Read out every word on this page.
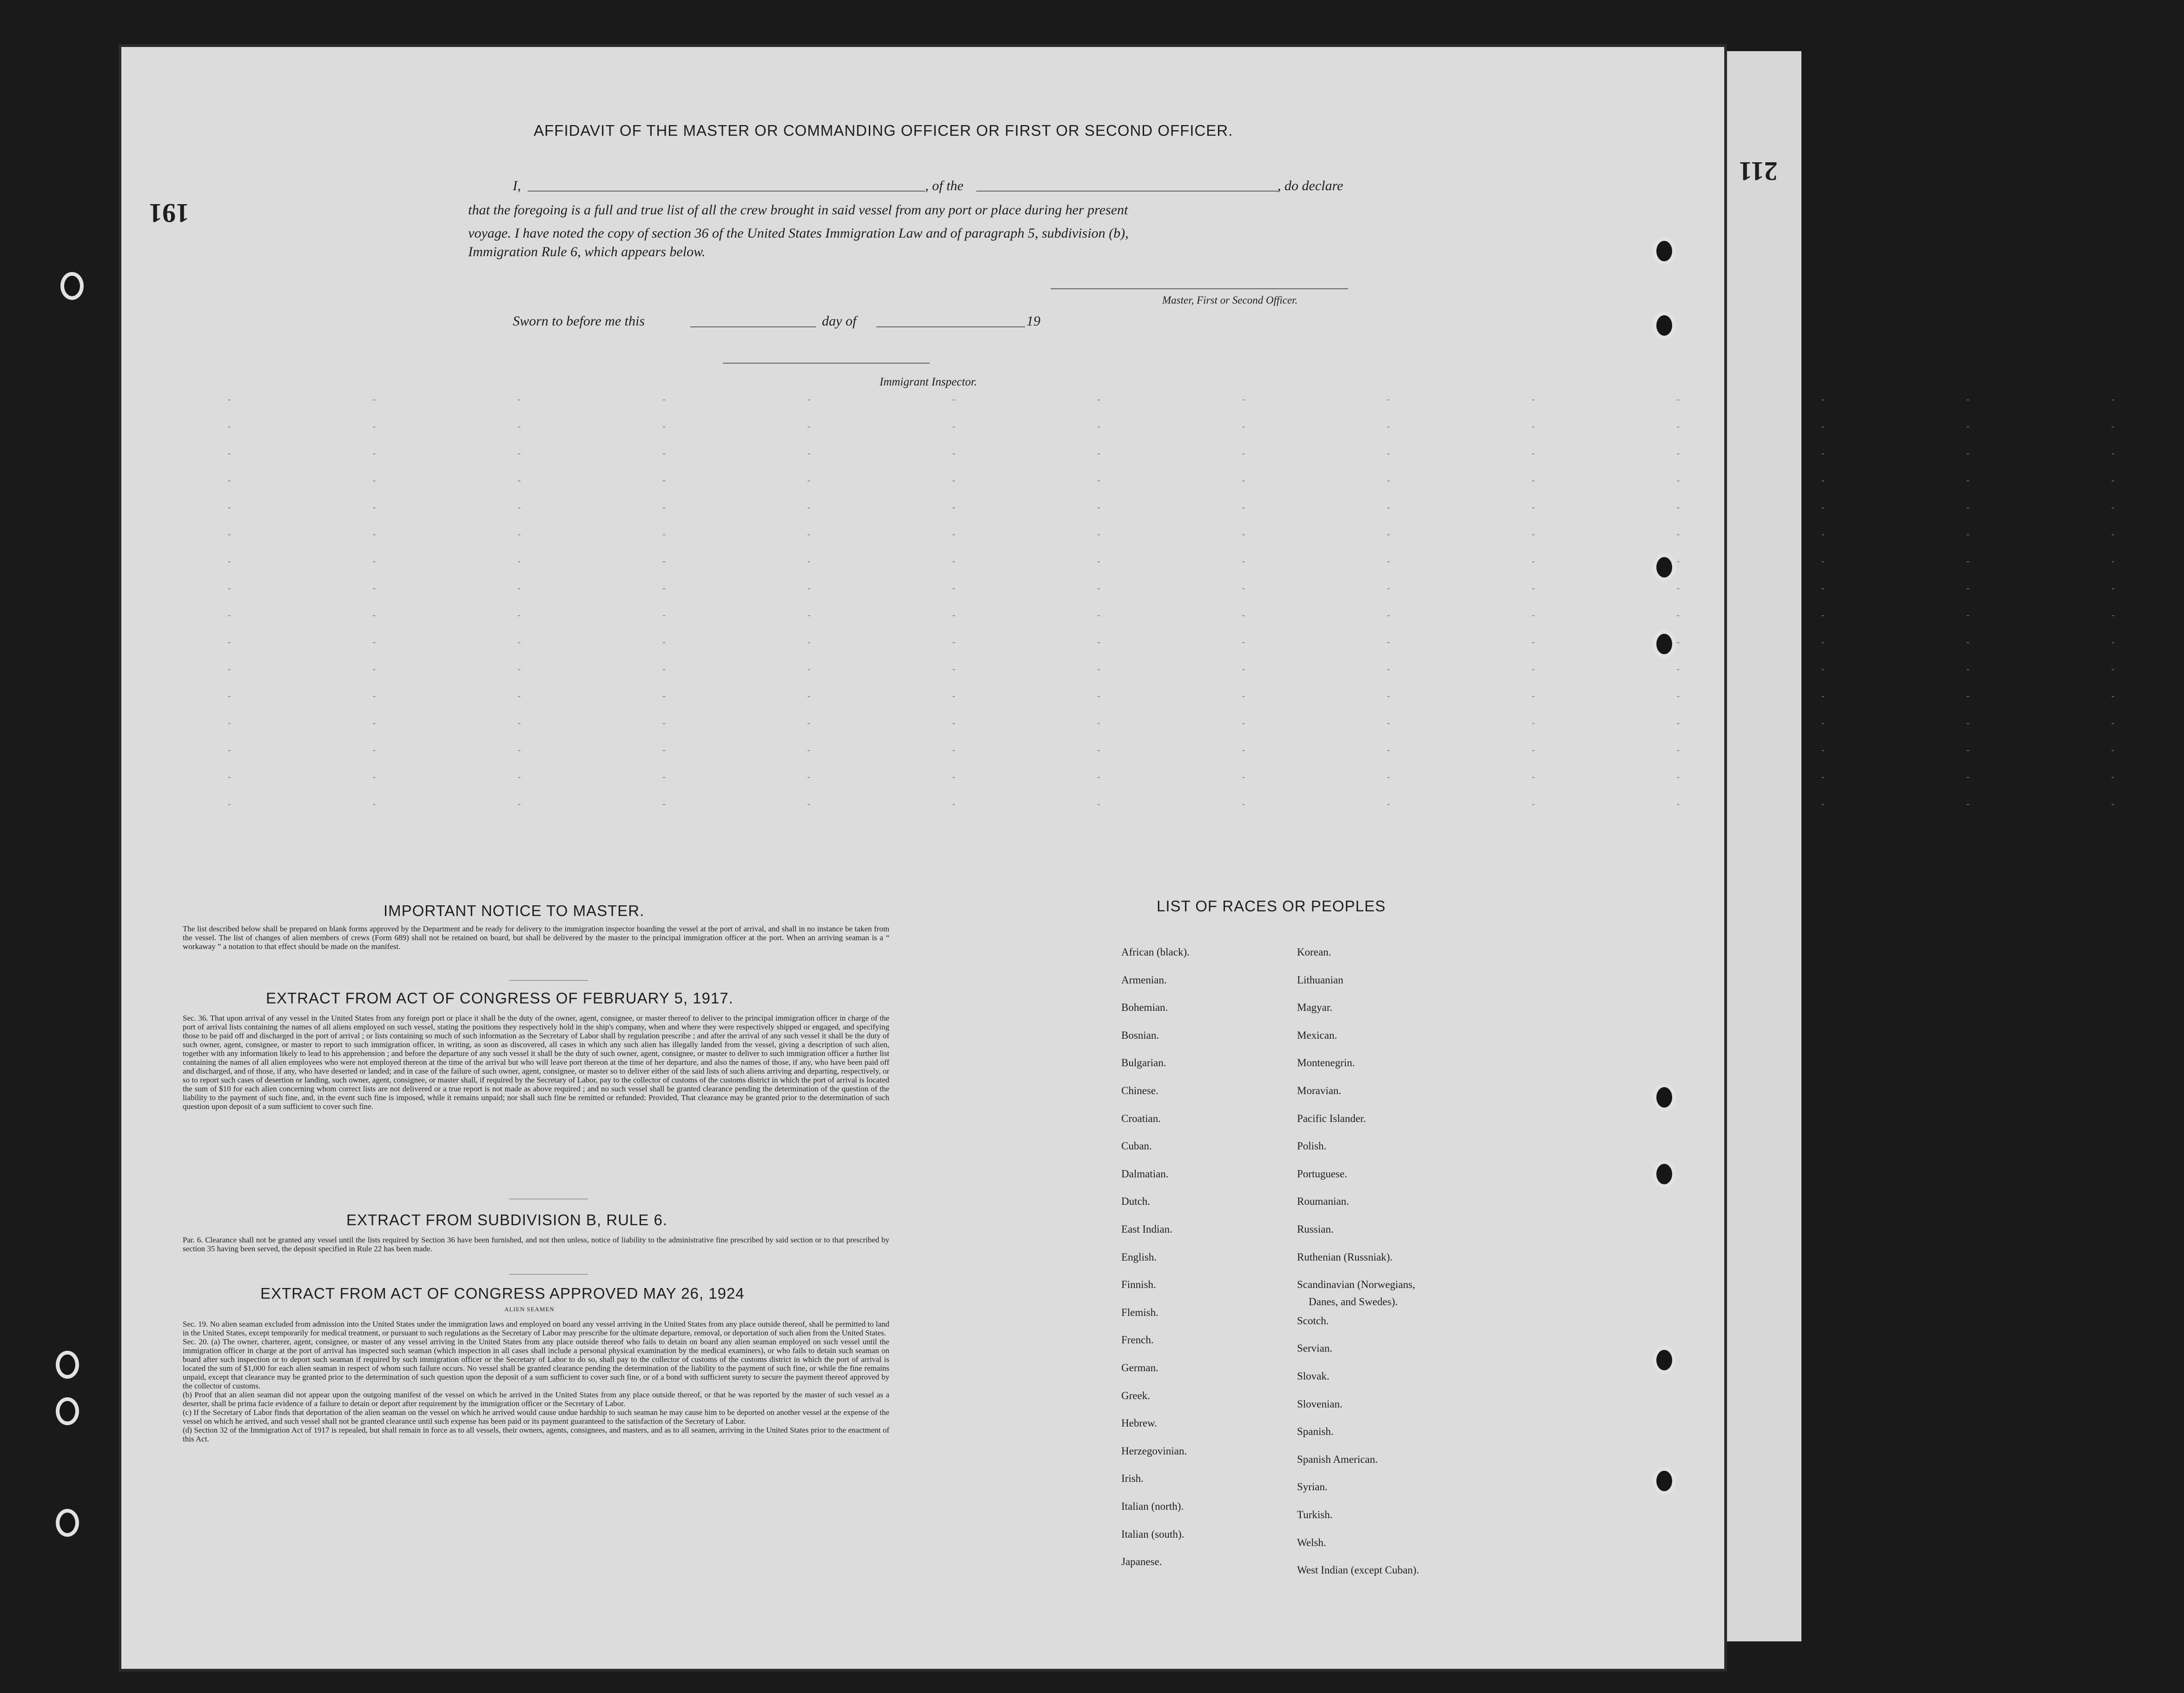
191
211
- - - - - - - - - - - - - -
- - - - - - - - - - - - - -
- - - - - - - - - - - - - -
- - - - - - - - - - - - - -
- - - - - - - - - - - - - -
- - - - - - - - - - - - - -
- - - - - - - - - - - - - -
- - - - - - - - - - - - - -
- - - - - - - - - - - - - -
- - - - - - - - - - - - - -
- - - - - - - - - - - - - -
- - - - - - - - - - - - - -
- - - - - - - - - - - - - -
- - - - - - - - - - - - - -
- - - - - - - - - - - - - -
- - - - - - - - - - - - - -
AFFIDAVIT OF THE MASTER OR COMMANDING OFFICER OR FIRST OR SECOND OFFICER.
I,	, of the	, do declare
that the foregoing is a full and true list of all the crew brought in said vessel from any port or place during her present
voyage. I have noted the copy of section 36 of the United States Immigration Law and of paragraph 5, subdivision (b),
Immigration Rule 6, which appears below.
Master, First or Second Officer.
Sworn to before me this	day of	19
Immigrant Inspector.
IMPORTANT NOTICE TO MASTER.

The list described below shall be prepared on blank forms approved by the Department and be ready for delivery to the immigration inspector boarding the vessel at the port of arrival, and shall in no instance be taken from the vessel. The list of changes of alien members of crews (Form 689) shall not be retained on board, but shall be delivered by the master to the principal immigration officer at the port. When an arriving seaman is a “ workaway ” a notation to that effect should be made on the manifest.

EXTRACT FROM ACT OF CONGRESS OF FEBRUARY 5, 1917.

Sec. 36. That upon arrival of any vessel in the United States from any foreign port or place it shall be the duty of the owner, agent, consignee, or master thereof to deliver to the principal immigration officer in charge of the port of arrival lists containing the names of all aliens employed on such vessel, stating the positions they respectively hold in the ship's company, when and where they were respectively shipped or engaged, and specifying those to be paid off and discharged in the port of arrival ; or lists containing so much of such information as the Secretary of Labor shall by regulation prescribe ; and after the arrival of any such vessel it shall be the duty of such owner, agent, consignee, or master to report to such immigration officer, in writing, as soon as discovered, all cases in which any such alien has illegally landed from the vessel, giving a description of such alien, together with any information likely to lead to his apprehension ; and before the departure of any such vessel it shall be the duty of such owner, agent, consignee, or master to deliver to such immigration officer a further list containing the names of all alien employees who were not employed thereon at the time of the arrival but who will leave port thereon at the time of her departure, and also the names of those, if any, who have been paid off and discharged, and of those, if any, who have deserted or landed; and in case of the failure of such owner, agent, consignee, or master so to deliver either of the said lists of such aliens arriving and departing, respectively, or so to report such cases of desertion or landing, such owner, agent, consignee, or master shall, if required by the Secretary of Labor, pay to the collector of customs of the customs district in which the port of arrival is located the sum of $10 for each alien concerning whom correct lists are not delivered or a true report is not made as above required ; and no such vessel shall be granted clearance pending the determination of the question of the liability to the payment of such fine, and, in the event such fine is imposed, while it remains unpaid; nor shall such fine be remitted or refunded: Provided, That clearance may be granted prior to the determination of such question upon deposit of a sum sufficient to cover such fine.

EXTRACT FROM SUBDIVISION B, RULE 6.

Par. 6. Clearance shall not be granted any vessel until the lists required by Section 36 have been furnished, and not then unless, notice of liability to the administrative fine prescribed by said section or to that prescribed by section 35 having been served, the deposit specified in Rule 22 has been made.

EXTRACT FROM ACT OF CONGRESS APPROVED MAY 26, 1924
ALIEN SEAMEN

Sec. 19. No alien seaman excluded from admission into the United States under the immigration laws and employed on board any vessel arriving in the United States from any place outside thereof, shall be permitted to land in the United States, except temporarily for medical treatment, or pursuant to such regulations as the Secretary of Labor may prescribe for the ultimate departure, removal, or deportation of such alien from the United States.

Sec. 20. (a) The owner, charterer, agent, consignee, or master of any vessel arriving in the United States from any place outside thereof who fails to detain on board any alien seaman employed on such vessel until the immigration officer in charge at the port of arrival has inspected such seaman (which inspection in all cases shall include a personal physical examination by the medical examiners), or who fails to detain such seaman on board after such inspection or to deport such seaman if required by such immigration officer or the Secretary of Labor to do so, shall pay to the collector of customs of the customs district in which the port of arrival is located the sum of $1,000 for each alien seaman in respect of whom such failure occurs. No vessel shall be granted clearance pending the determination of the liability to the payment of such fine, or while the fine remains unpaid, except that clearance may be granted prior to the determination of such question upon the deposit of a sum sufficient to cover such fine, or of a bond with sufficient surety to secure the payment thereof approved by the collector of customs.

(b) Proof that an alien seaman did not appear upon the outgoing manifest of the vessel on which he arrived in the United States from any place outside thereof, or that he was reported by the master of such vessel as a deserter, shall be prima facie evidence of a failure to detain or deport after requirement by the immigration officer or the Secretary of Labor.

(c) If the Secretary of Labor finds that deportation of the alien seaman on the vessel on which he arrived would cause undue hardship to such seaman he may cause him to be deported on another vessel at the expense of the vessel on which he arrived, and such vessel shall not be granted clearance until such expense has been paid or its payment guaranteed to the satisfaction of the Secretary of Labor.

(d) Section 32 of the Immigration Act of 1917 is repealed, but shall remain in force as to all vessels, their owners, agents, consignees, and masters, and as to all seamen, arriving in the United States prior to the enactment of this Act.

LIST OF RACES OR PEOPLES
Danes, and Swedes).
African (black).
Armenian.
Bohemian.
Bosnian.
Bulgarian.
Chinese.
Croatian.
Cuban.
Dalmatian.
Dutch.
East Indian.
English.
Finnish.
Flemish.
French.
German.
Greek.
Hebrew.
Herzegovinian.
Irish.
Italian (north).
Italian (south).
Japanese.
Korean.
Lithuanian
Magyar.
Mexican.
Montenegrin.
Moravian.
Pacific Islander.
Polish.
Portuguese.
Roumanian.
Russian.
Ruthenian (Russniak).
Scandinavian (Norwegians,
Scotch.
Servian.
Slovak.
Slovenian.
Spanish.
Spanish American.
Syrian.
Turkish.
Welsh.
West Indian (except Cuban).
